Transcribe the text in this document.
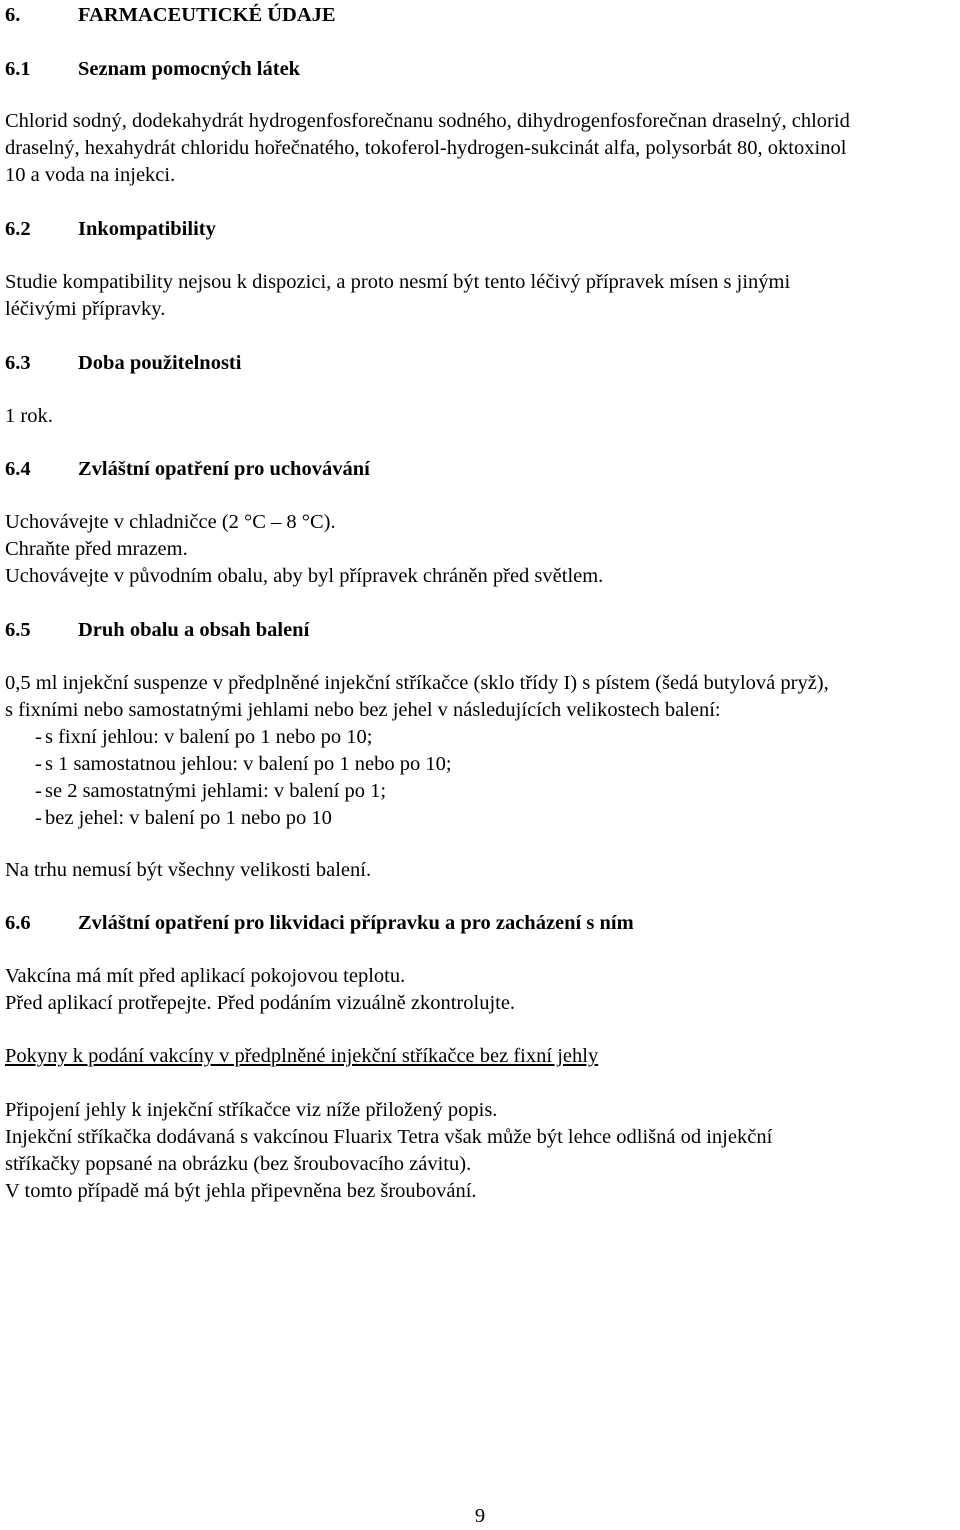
6.	FARMACEUTICKÉ ÚDAJE
6.1	Seznam pomocných látek

Chlorid sodný, dodekahydrát hydrogenfosforečnanu sodného, dihydrogenfosforečnan draselný, chlorid

draselný, hexahydrát chloridu hořečnatého, tokoferol-hydrogen-sukcinát alfa, polysorbát 80, oktoxinol

10 a voda na injekci.

6.2	Inkompatibility

Studie kompatibility nejsou k dispozici, a proto nesmí být tento léčivý přípravek mísen s jinými

léčivými přípravky.

6.3	Doba použitelnosti

1 rok.

6.4	Zvláštní opatření pro uchovávání

Uchovávejte v chladničce (2 °C – 8 °C).

Chraňte před mrazem.

Uchovávejte v původním obalu, aby byl přípravek chráněn před světlem.

6.5	Druh obalu a obsah balení

0,5 ml injekční suspenze v předplněné injekční stříkačce (sklo třídy I) s pístem (šedá butylová pryž),

s fixními nebo samostatnými jehlami nebo bez jehel v následujících velikostech balení:

- s fixní jehlou: v balení po 1 nebo po 10;
- s 1 samostatnou jehlou: v balení po 1 nebo po 10;
- se 2 samostatnými jehlami: v balení po 1;
- bez jehel: v balení po 1 nebo po 10

Na trhu nemusí být všechny velikosti balení.

6.6	Zvláštní opatření pro likvidaci přípravku a pro zacházení s ním

Vakcína má mít před aplikací pokojovou teplotu.

Před aplikací protřepejte. Před podáním vizuálně zkontrolujte.

Pokyny k podání vakcíny v předplněné injekční stříkačce bez fixní jehly

Připojení jehly k injekční stříkačce viz níže přiložený popis.

Injekční stříkačka dodávaná s vakcínou Fluarix Tetra však může být lehce odlišná od injekční

stříkačky popsané na obrázku (bez šroubovacího závitu).

V tomto případě má být jehla připevněna bez šroubování.

9
